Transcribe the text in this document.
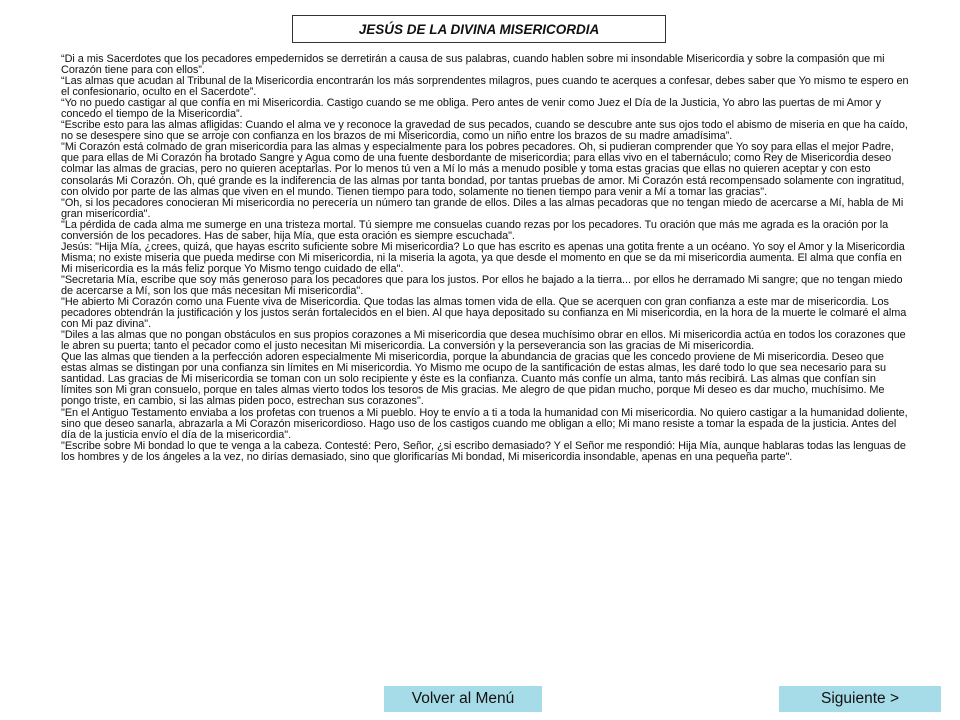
JESÚS DE LA DIVINA MISERICORDIA

“Di a mis Sacerdotes que los pecadores empedernidos se derretirán a causa de sus palabras, cuando hablen sobre mi insondable Misericordia y sobre la compasión que mi Corazón tiene para con ellos”.

“Las almas que acudan al Tribunal de la Misericordia encontrarán los más sorprendentes milagros, pues cuando te acerques a confesar, debes saber que Yo mismo te espero en el confesionario, oculto en el Sacerdote”.

“Yo no puedo castigar al que confía en mi Misericordia. Castigo cuando se me obliga. Pero antes de venir como Juez el Día de la Justicia, Yo abro las puertas de mi Amor y concedo el tiempo de la Misericordia”.

“Escribe esto para las almas afligidas: Cuando el alma ve y reconoce la gravedad de sus pecados, cuando se descubre ante sus ojos todo el abismo de miseria en que ha caído, no se desespere sino que se arroje con confianza en los brazos de mi Misericordia, como un niño entre los brazos de su madre amadísima”.

"Mi Corazón está colmado de gran misericordia para las almas y especialmente para los pobres pecadores. Oh, si pudieran comprender que Yo soy para ellas el mejor Padre, que para ellas de Mi Corazón ha brotado Sangre y Agua como de una fuente desbordante de misericordia; para ellas vivo en el tabernáculo; como Rey de Misericordia deseo colmar las almas de gracias, pero no quieren aceptarlas. Por lo menos tú ven a Mí lo más a menudo posible y toma estas gracias que ellas no quieren aceptar y con esto consolarás Mi Corazón. Oh, qué grande es la indiferencia de las almas por tanta bondad, por tantas pruebas de amor. Mi Corazón está recompensado solamente con ingratitud, con olvido por parte de las almas que viven en el mundo. Tienen tiempo para todo, solamente no tienen tiempo para venir a Mí a tomar las gracias".

"Oh, si los pecadores conocieran Mi misericordia no perecería un número tan grande de ellos. Diles a las almas pecadoras que no tengan miedo de acercarse a Mí, habla de Mi gran misericordia".

"La pérdida de cada alma me sumerge en una tristeza mortal. Tú siempre me consuelas cuando rezas por los pecadores. Tu oración que más me agrada es la oración por la conversión de los pecadores. Has de saber, hija Mía, que esta oración es siempre escuchada".

Jesús: "Hija Mía, ¿crees, quizá, que hayas escrito suficiente sobre Mi misericordia? Lo que has escrito es apenas una gotita frente a un océano. Yo soy el Amor y la Misericordia Misma; no existe miseria que pueda medirse con Mi misericordia, ni la miseria la agota, ya que desde el momento en que se da mi misericordia aumenta. El alma que confía en Mi misericordia es la más feliz porque Yo Mismo tengo cuidado de ella".

"Secretaria Mía, escribe que soy más generoso para los pecadores que para los justos. Por ellos he bajado a la tierra... por ellos he derramado Mi sangre; que no tengan miedo de acercarse a Mí, son los que más necesitan Mi misericordia".

"He abierto Mi Corazón como una Fuente viva de Misericordia. Que todas las almas tomen vida de ella. Que se acerquen con gran confianza a este mar de misericordia. Los pecadores obtendrán la justificación y los justos serán fortalecidos en el bien. Al que haya depositado su confianza en Mi misericordia, en la hora de la muerte le colmaré el alma con Mi paz divina".

"Diles a las almas que no pongan obstáculos en sus propios corazones a Mi misericordia que desea muchísimo obrar en ellos. Mi misericordia actúa en todos los corazones que le abren su puerta; tanto el pecador como el justo necesitan Mi misericordia. La conversión y la perseverancia son las gracias de Mi misericordia.

Que las almas que tienden a la perfección adoren especialmente Mi misericordia, porque la abundancia de gracias que les concedo proviene de Mi misericordia. Deseo que estas almas se distingan por una confianza sin límites en Mi misericordia. Yo Mismo me ocupo de la santificación de estas almas, les daré todo lo que sea necesario para su santidad. Las gracias de Mi misericordia se toman con un solo recipiente y éste es la confianza. Cuanto más confíe un alma, tanto más recibirá. Las almas que confían sin límites son Mi gran consuelo, porque en tales almas vierto todos los tesoros de Mis gracias. Me alegro de que pidan mucho, porque Mi deseo es dar mucho, muchísimo. Me pongo triste, en cambio, si las almas piden poco, estrechan sus corazones".

"En el Antiguo Testamento enviaba a los profetas con truenos a Mi pueblo. Hoy te envío a ti a toda la humanidad con Mi misericordia. No quiero castigar a la humanidad doliente, sino que deseo sanarla, abrazarla a Mi Corazón misericordioso. Hago uso de los castigos cuando me obligan a ello; Mi mano resiste a tomar la espada de la justicia. Antes del día de la justicia envío el día de la misericordia".

"Escribe sobre Mi bondad lo que te venga a la cabeza. Contesté: Pero, Señor, ¿si escribo demasiado? Y el Señor me respondió: Hija Mía, aunque hablaras todas las lenguas de los hombres y de los ángeles a la vez, no dirías demasiado, sino que glorificarías Mi bondad, Mi misericordia insondable, apenas en una pequeña parte".

Volver al Menú	Siguiente >
